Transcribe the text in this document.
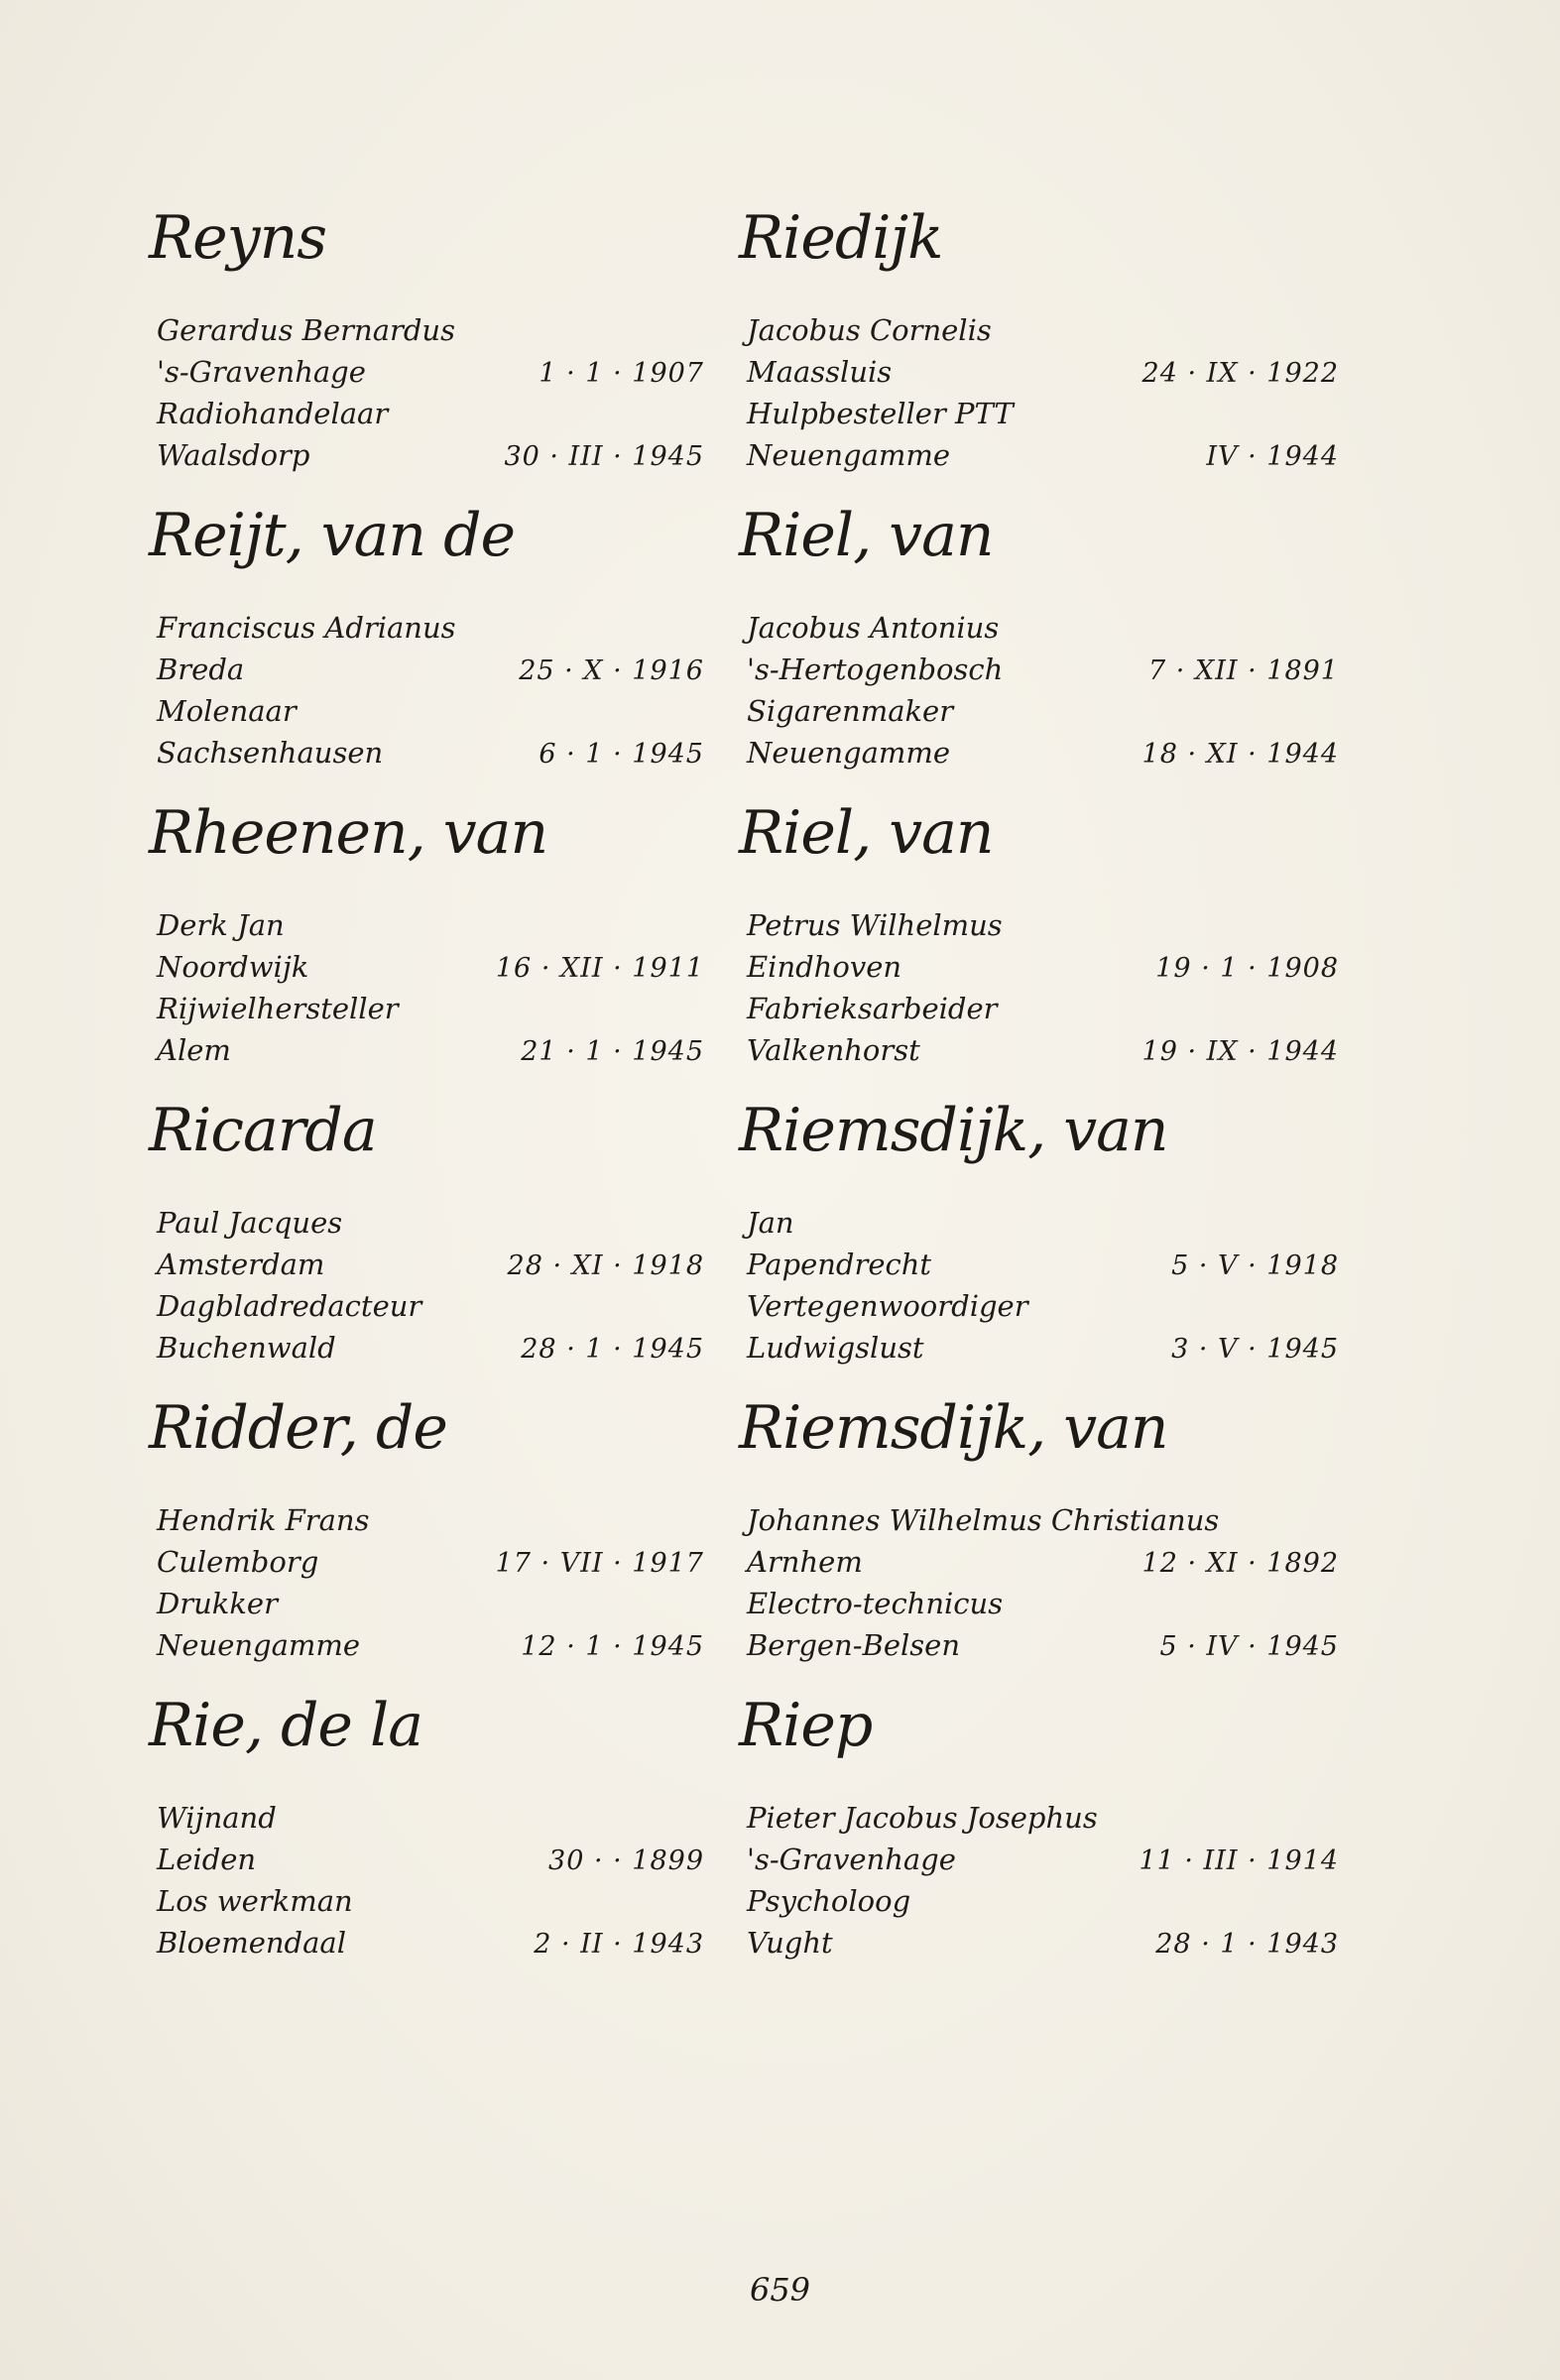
Reyns
Gerardus Bernardus
's-Gravenhage	1 · 1 · 1907
Radiohandelaar
Waalsdorp	30 · III · 1945
Reijt, van de
Franciscus Adrianus
Breda	25 · X · 1916
Molenaar
Sachsenhausen	6 · 1 · 1945
Rheenen, van
Derk Jan
Noordwijk	16 · XII · 1911
Rijwielhersteller
Alem	21 · 1 · 1945
Ricarda
Paul Jacques
Amsterdam	28 · XI · 1918
Dagbladredacteur
Buchenwald	28 · 1 · 1945
Ridder, de
Hendrik Frans
Culemborg	17 · VII · 1917
Drukker
Neuengamme	12 · 1 · 1945
Rie, de la
Wijnand
Leiden	30 · · 1899
Los werkman
Bloemendaal	2 · II · 1943
Riedijk
Jacobus Cornelis
Maassluis	24 · IX · 1922
Hulpbesteller PTT
Neuengamme	IV · 1944
Riel, van
Jacobus Antonius
's-Hertogenbosch	7 · XII · 1891
Sigarenmaker
Neuengamme	18 · XI · 1944
Riel, van
Petrus Wilhelmus
Eindhoven	19 · 1 · 1908
Fabrieksarbeider
Valkenhorst	19 · IX · 1944
Riemsdijk, van
Jan
Papendrecht	5 · V · 1918
Vertegenwoordiger
Ludwigslust	3 · V · 1945
Riemsdijk, van
Johannes Wilhelmus Christianus
Arnhem	12 · XI · 1892
Electro-technicus
Bergen-Belsen	5 · IV · 1945
Riep
Pieter Jacobus Josephus
's-Gravenhage	11 · III · 1914
Psycholoog
Vught	28 · 1 · 1943
659
